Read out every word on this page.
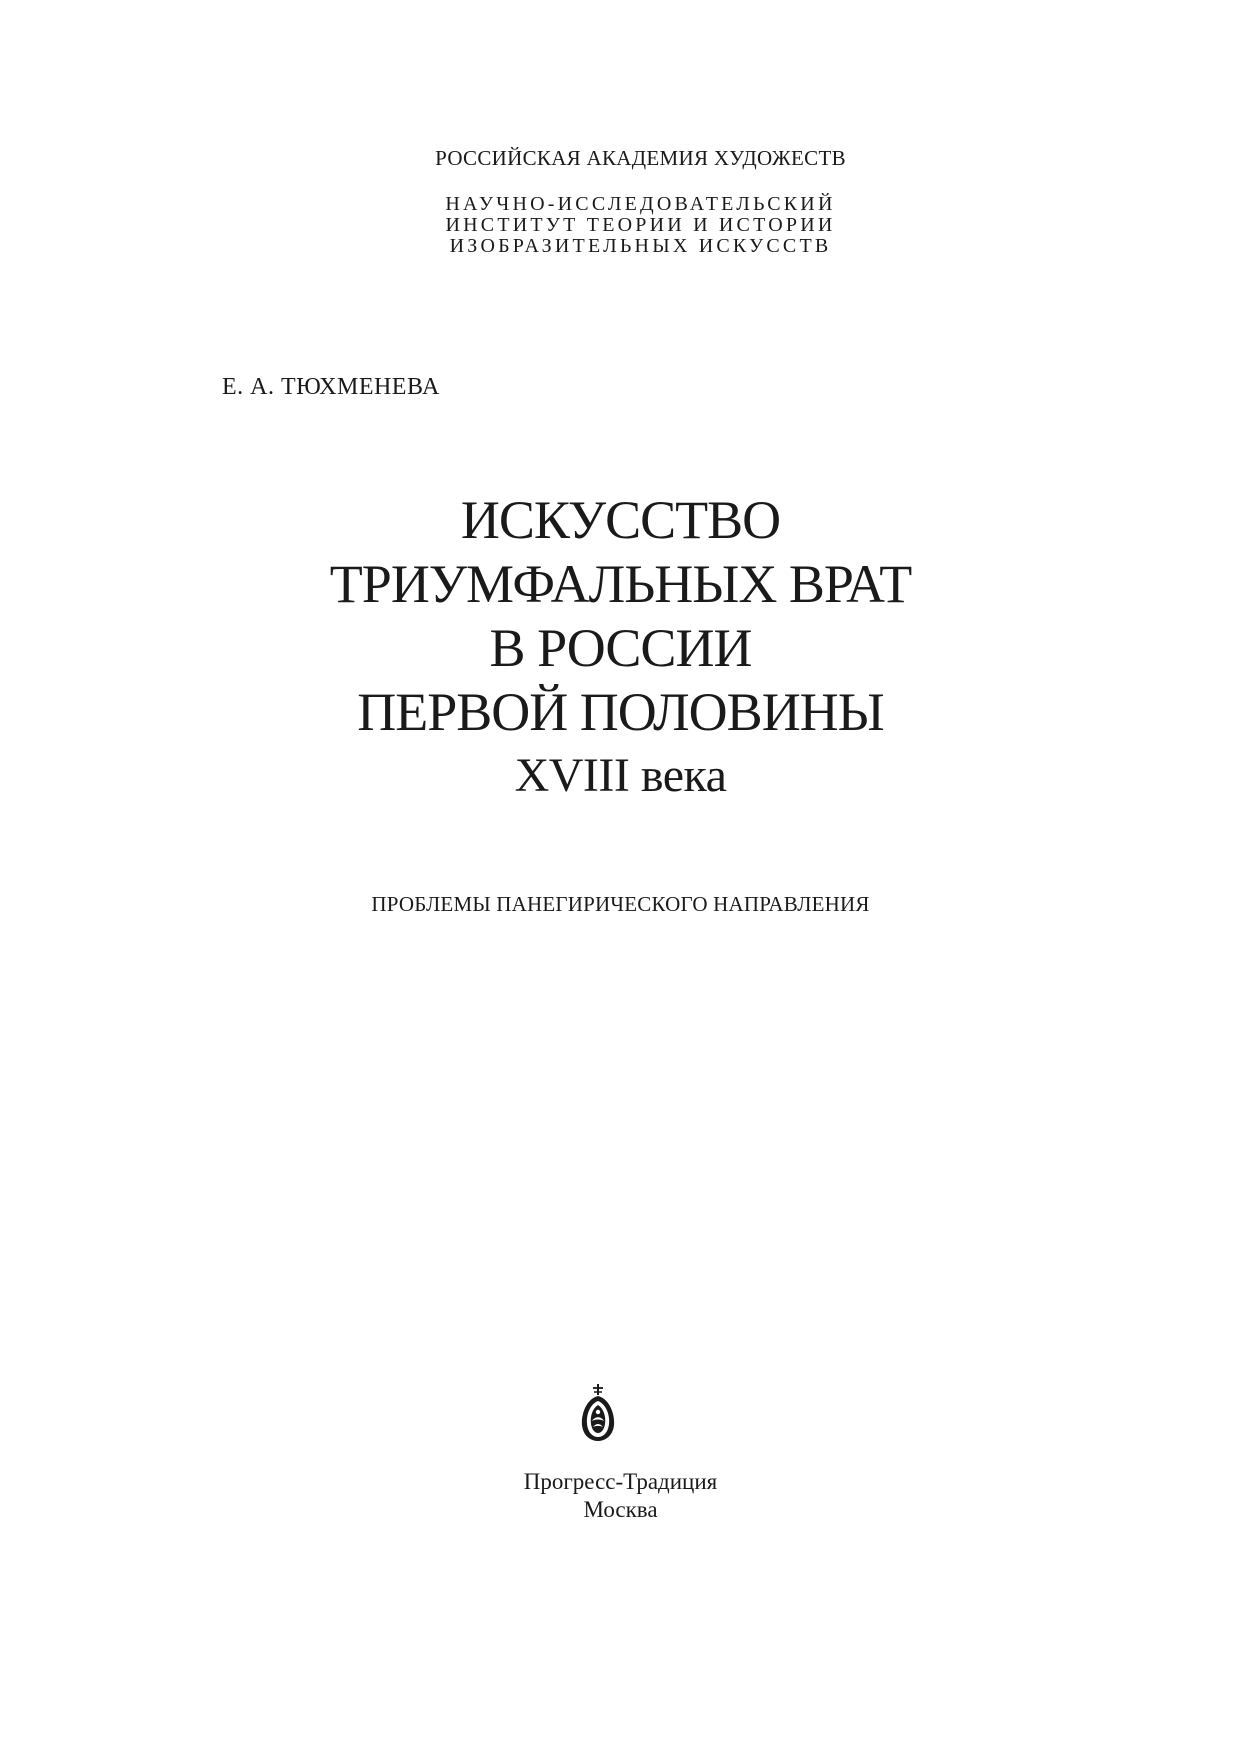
РОССИЙСКАЯ АКАДЕМИЯ ХУДОЖЕСТВ
НАУЧНО-ИССЛЕДОВАТЕЛЬСКИЙ
ИНСТИТУТ ТЕОРИИ И ИСТОРИИ
ИЗОБРАЗИТЕЛЬНЫХ ИСКУССТВ
Е. А. ТЮХМЕНЕВА
ИСКУССТВО
ТРИУМФАЛЬНЫХ ВРАТ
В РОССИИ
ПЕРВОЙ ПОЛОВИНЫ
XVIII века
ПРОБЛЕМЫ ПАНЕГИРИЧЕСКОГО НАПРАВЛЕНИЯ
Прогресс-Традиция
Москва
